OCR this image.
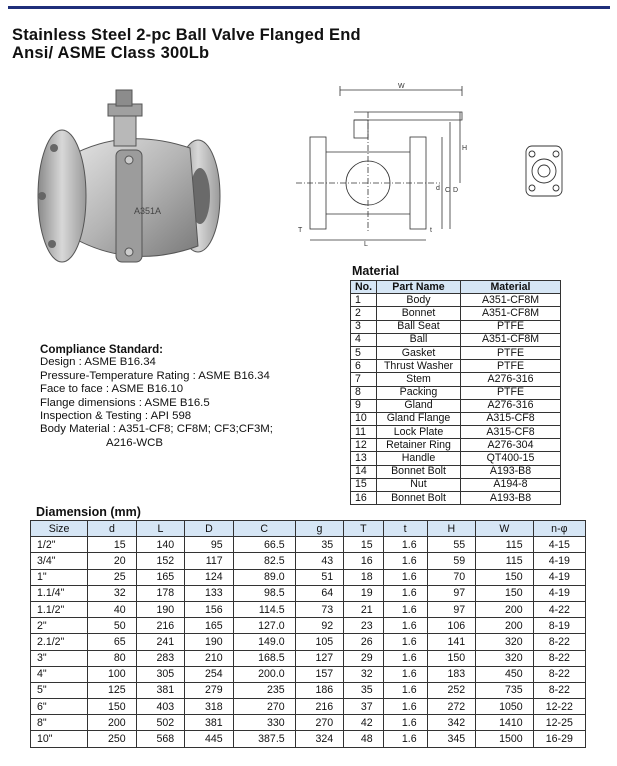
Stainless Steel 2-pc Ball Valve Flanged End
Ansi/ ASME Class 300Lb
A351A
W
d C D
H
L
T	t
Compliance Standard:
Design : ASME B16.34
Pressure-Temperature Rating : ASME B16.34
Face to face : ASME B16.10
Flange dimensions : ASME B16.5
Inspection & Testing : API 598
Body Material : A351-CF8; CF8M; CF3;CF3M;
A216-WCB
Material
No.	Part Name	Material
1	Body	A351-CF8M
2	Bonnet	A351-CF8M
3	Ball Seat	PTFE
4	Ball	A351-CF8M
5	Gasket	PTFE
6	Thrust Washer	PTFE
7	Stem	A276-316
8	Packing	PTFE
9	Gland	A276-316
10	Gland Flange	A315-CF8
11	Lock Plate	A315-CF8
12	Retainer Ring	A276-304
13	Handle	QT400-15
14	Bonnet Bolt	A193-B8
15	Nut	A194-8
16	Bonnet Bolt	A193-B8
Diamension (mm)
Size	d	L	D	C	g	T	t	H	W	n-φ
1/2"	15	140	95	66.5	35	15	1.6	55	115	4-15
3/4"	20	152	117	82.5	43	16	1.6	59	115	4-19
1"	25	165	124	89.0	51	18	1.6	70	150	4-19
1.1/4"	32	178	133	98.5	64	19	1.6	97	150	4-19
1.1/2"	40	190	156	114.5	73	21	1.6	97	200	4-22
2"	50	216	165	127.0	92	23	1.6	106	200	8-19
2.1/2"	65	241	190	149.0	105	26	1.6	141	320	8-22
3"	80	283	210	168.5	127	29	1.6	150	320	8-22
4"	100	305	254	200.0	157	32	1.6	183	450	8-22
5"	125	381	279	235	186	35	1.6	252	735	8-22
6"	150	403	318	270	216	37	1.6	272	1050	12-22
8"	200	502	381	330	270	42	1.6	342	1410	12-25
10"	250	568	445	387.5	324	48	1.6	345	1500	16-29
